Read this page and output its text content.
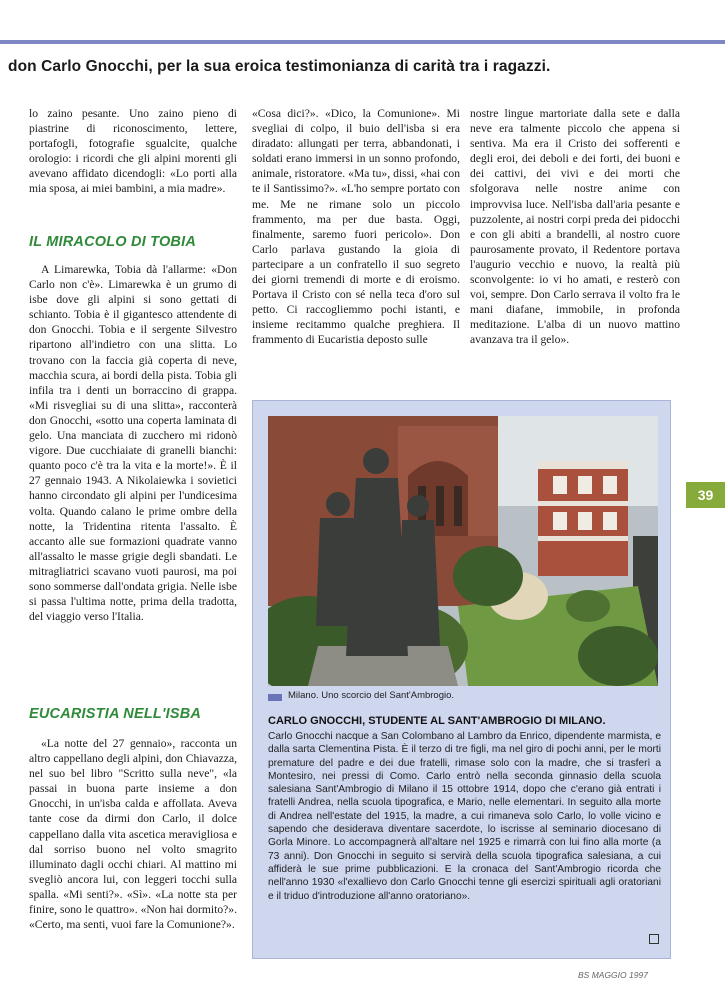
don Carlo Gnocchi, per la sua eroica testimonianza di carità tra i ragazzi.

lo zaino pesante. Uno zaino pieno di piastrine di riconoscimento, lettere, portafogli, fotografie sgualcite, qualche orologio: i ricordi che gli alpini morenti gli avevano affidato dicendogli: «Lo porti alla mia sposa, ai miei bambini, a mia madre».

IL MIRACOLO DI TOBIA

A Limarewka, Tobia dà l'allarme: «Don Carlo non c'è». Limarewka è un grumo di isbe dove gli alpini si sono gettati di schianto. Tobia è il gigantesco attendente di don Gnocchi. Tobia e il sergente Silvestro ripartono all'indietro con una slitta. Lo trovano con la faccia già coperta di neve, macchia scura, ai bordi della pista. Tobia gli infila tra i denti un borraccino di grappa. «Mi risvegliai su di una slitta», racconterà don Gnocchi, «sotto una coperta laminata di gelo. Una manciata di zucchero mi ridonò vigore. Due cucchiaiate di granelli bianchi: quanto poco c'è tra la vita e la morte!». È il 27 gennaio 1943. A Nikolaiewka i sovietici hanno circondato gli alpini per l'undicesima volta. Quando calano le prime ombre della notte, la Tridentina ritenta l'assalto. È accanto alle sue formazioni quadrate vanno all'assalto le masse grigie degli sbandati. Le mitragliatrici scavano vuoti paurosi, ma poi sono sommerse dall'ondata grigia. Nelle isbe si passa l'ultima notte, prima della tradotta, del viaggio verso l'Italia.

EUCARISTIA NELL'ISBA

«La notte del 27 gennaio», racconta un altro cappellano degli alpini, don Chiavazza, nel suo bel libro "Scritto sulla neve", «la passai in buona parte insieme a don Gnocchi, in un'isba calda e affollata. Aveva tante cose da dirmi don Carlo, il dolce cappellano dalla vita ascetica meravigliosa e dal sorriso buono nel volto smagrito illuminato dagli occhi chiari. Al mattino mi svegliò ancora lui, con leggeri tocchi sulla spalla. «Mi senti?». «Sì». «La notte sta per finire, sono le quattro». «Non hai dormito?». «Certo, ma senti, vuoi fare la Comunione?».

«Cosa dici?». «Dico, la Comunione». Mi svegliai di colpo, il buio dell'isba si era diradato: allungati per terra, abbandonati, i soldati erano immersi in un sonno profondo, animale, ristoratore. «Ma tu», dissi, «hai con te il Santissimo?». «L'ho sempre portato con me. Me ne rimane solo un piccolo frammento, ma per due basta. Oggi, finalmente, saremo fuori pericolo». Don Carlo parlava gustando la gioia di partecipare a un confratello il suo segreto dei giorni tremendi di morte e di eroismo. Portava il Cristo con sé nella teca d'oro sul petto. Ci raccogliemmo pochi istanti, e insieme recitammo qualche preghiera. Il frammento di Eucaristia deposto sulle

nostre lingue martoriate dalla sete e dalla neve era talmente piccolo che appena si sentiva. Ma era il Cristo dei sofferenti e degli eroi, dei deboli e dei forti, dei buoni e dei cattivi, dei vivi e dei morti che sfolgorava nelle nostre anime con improvvisa luce. Nell'isba dall'aria pesante e puzzolente, ai nostri corpi preda dei pidocchi e con gli abiti a brandelli, al nostro cuore paurosamente provato, il Redentore portava l'augurio vecchio e nuovo, la realtà più sconvolgente: io vi ho amati, e resterò con voi, sempre. Don Carlo serrava il volto fra le mani diafane, immobile, in profonda meditazione. L'alba di un nuovo mattino avanzava tra il gelo».

Milano. Uno scorcio del Sant'Ambrogio.
CARLO GNOCCHI, STUDENTE AL SANT'AMBROGIO DI MILANO.
Carlo Gnocchi nacque a San Colombano al Lambro da Enrico, dipendente marmista, e dalla sarta Clementina Pista. È il terzo di tre figli, ma nel giro di pochi anni, per le morti premature del padre e dei due fratelli, rimase solo con la madre, che si trasferì a Montesiro, nei pressi di Como. Carlo entrò nella seconda ginnasio della scuola salesiana Sant'Ambrogio di Milano il 15 ottobre 1914, dopo che c'erano già entrati i fratelli Andrea, nella scuola tipografica, e Mario, nelle elementari. In seguito alla morte di Andrea nell'estate del 1915, la madre, a cui rimaneva solo Carlo, lo volle vicino e sapendo che desiderava diventare sacerdote, lo iscrisse al seminario diocesano di Gorla Minore. Lo accompagnerà all'altare nel 1925 e rimarrà con lui fino alla morte (a 73 anni). Don Gnocchi in seguito si servirà della scuola tipografica salesiana, a cui affiderà le sue prime pubblicazioni. E la cronaca del Sant'Ambrogio ricorda che nell'anno 1930 «l'exallievo don Carlo Gnocchi tenne gli esercizi spirituali agli oratoriani e il triduo d'introduzione all'anno oratoriano».
39
BS MAGGIO 1997
